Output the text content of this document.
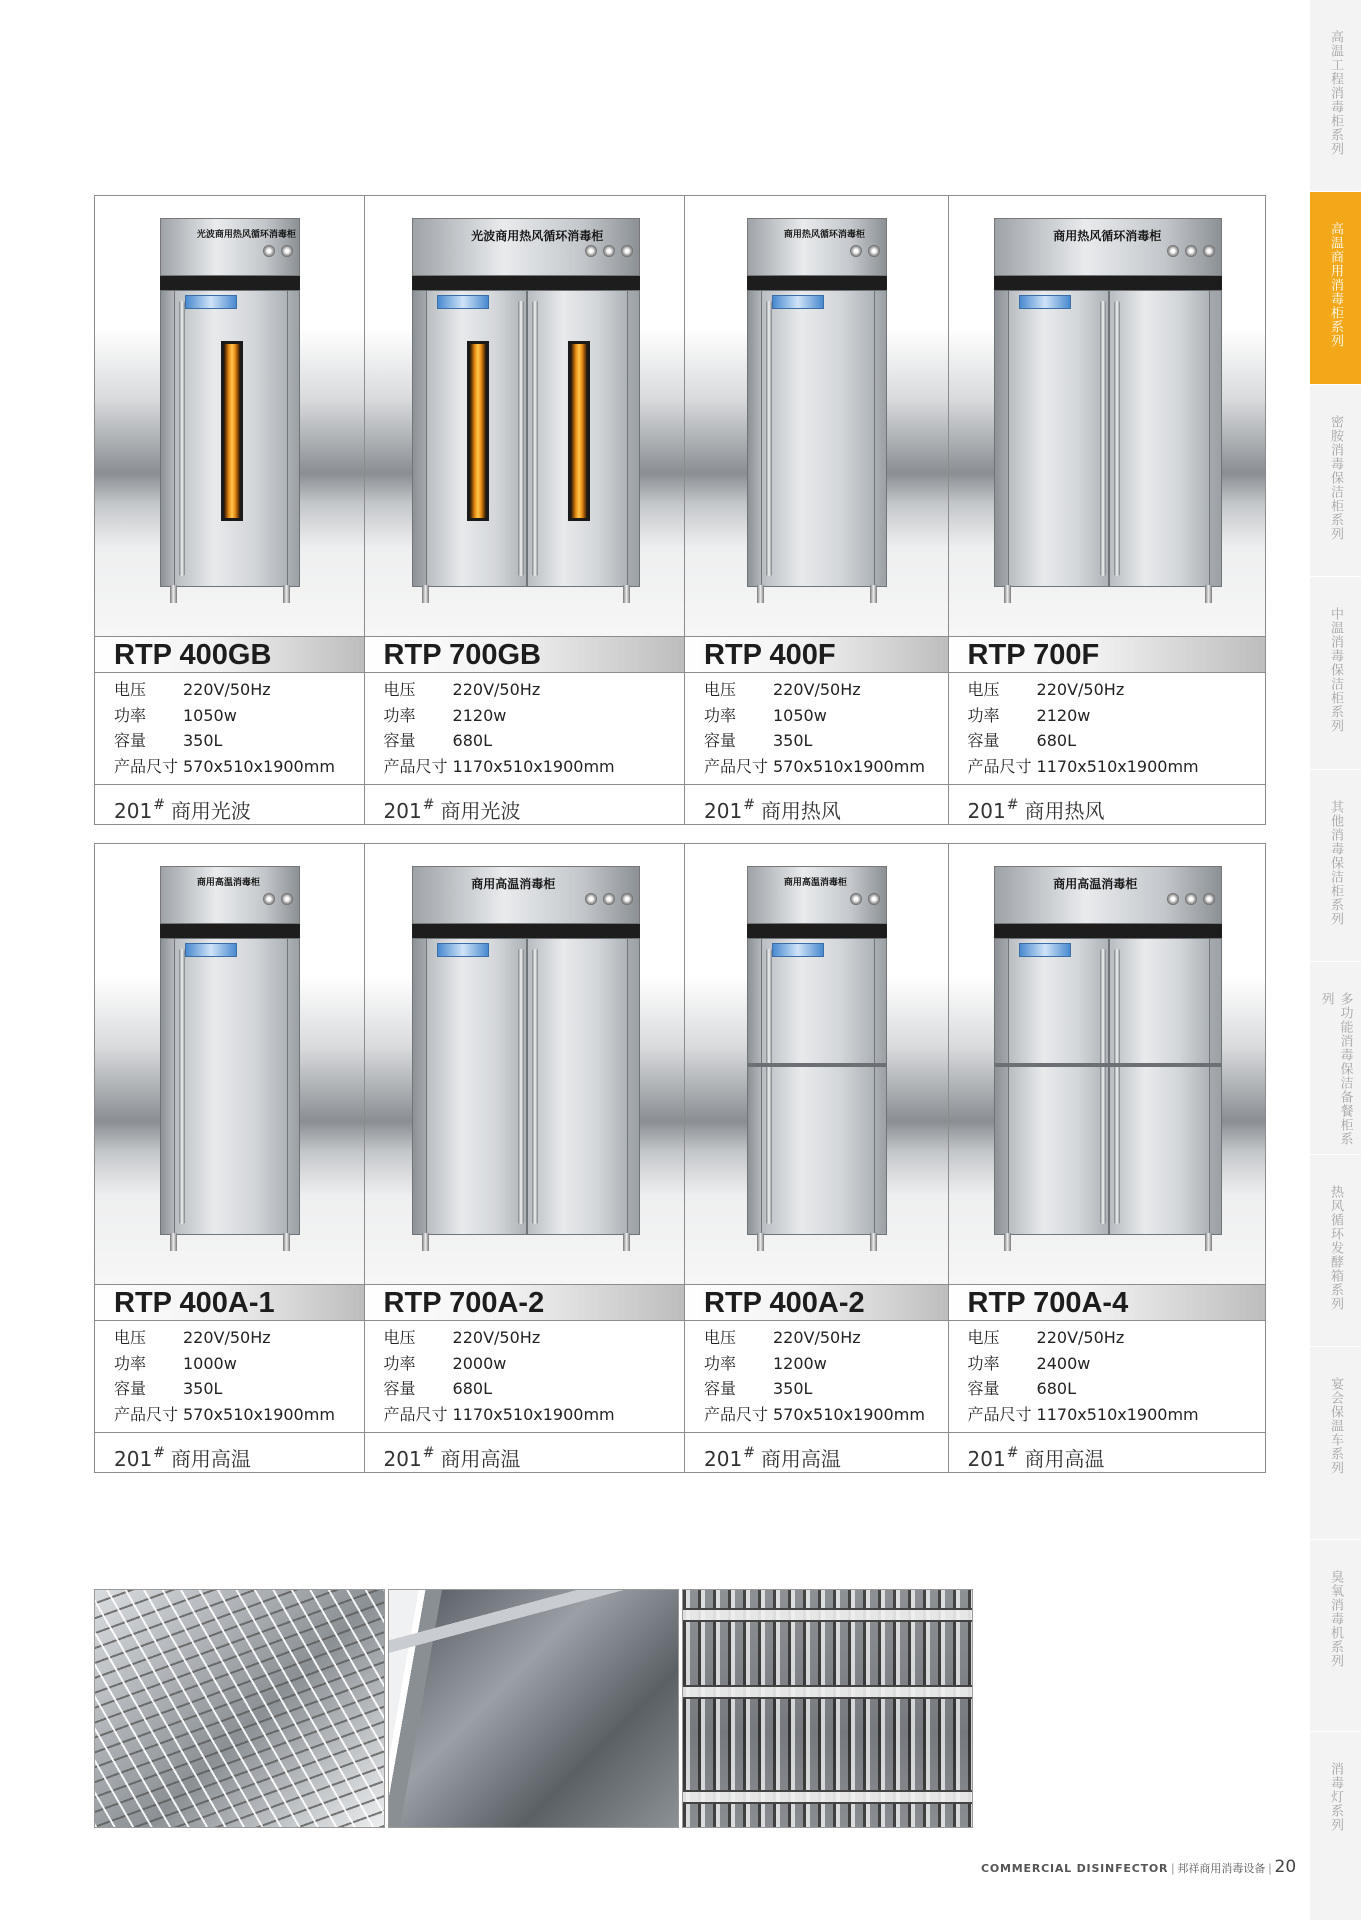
高温工程消毒柜系列
高温商用消毒柜系列
密胺消毒保洁柜系列
中温消毒保洁柜系列
其他消毒保洁柜系列
多功能消毒保洁备餐柜系列
热风循环发酵箱系列
宴会保温车系列
臭氧消毒机系列
消毒灯系列
光波商用热风循环消毒柜
RTP 400GB
电压	220V/50Hz
功率	1050w
容量	350L
产品尺寸 570x510x1900mm
201# 商用光波
光波商用热风循环消毒柜
RTP 700GB
电压	220V/50Hz
功率	2120w
容量	680L
产品尺寸 1170x510x1900mm
201# 商用光波
商用热风循环消毒柜
RTP 400F
电压	220V/50Hz
功率	1050w
容量	350L
产品尺寸 570x510x1900mm
201# 商用热风
商用热风循环消毒柜
RTP 700F
电压	220V/50Hz
功率	2120w
容量	680L
产品尺寸 1170x510x1900mm
201# 商用热风
商用高温消毒柜
RTP 400A-1
电压	220V/50Hz
功率	1000w
容量	350L
产品尺寸 570x510x1900mm
201# 商用高温
商用高温消毒柜
RTP 700A-2
电压	220V/50Hz
功率	2000w
容量	680L
产品尺寸 1170x510x1900mm
201# 商用高温
商用高温消毒柜
RTP 400A-2
电压	220V/50Hz
功率	1200w
容量	350L
产品尺寸 570x510x1900mm
201# 商用高温
商用高温消毒柜
RTP 700A-4
电压	220V/50Hz
功率	2400w
容量	680L
产品尺寸 1170x510x1900mm
201# 商用高温
COMMERCIAL DISINFECTOR | 邦祥商用消毒设备 | 20
